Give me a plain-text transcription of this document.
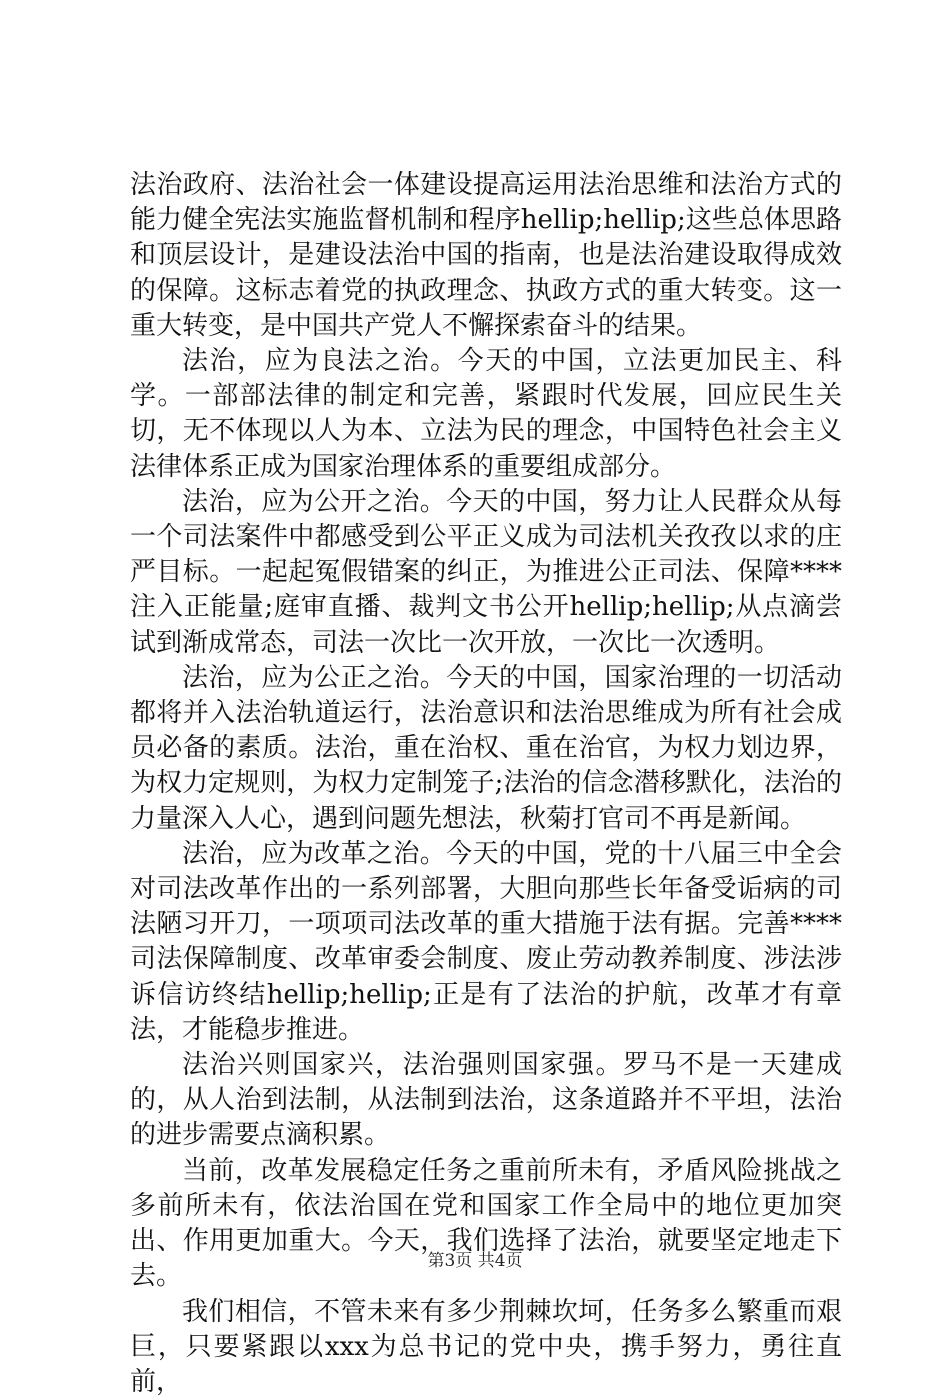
法治政府、法治社会一体建设提高运用法治思维和法治方式的能力健全宪法实施监督机制和程序hellip;hellip;这些总体思路和顶层设计，是建设法治中国的指南，也是法治建设取得成效的保障。这标志着党的执政理念、执政方式的重大转变。这一重大转变，是中国共产党人不懈探索奋斗的结果。

法治，应为良法之治。今天的中国，立法更加民主、科学。一部部法律的制定和完善，紧跟时代发展，回应民生关切，无不体现以人为本、立法为民的理念，中国特色社会主义法律体系正成为国家治理体系的重要组成部分。

法治，应为公开之治。今天的中国，努力让人民群众从每一个司法案件中都感受到公平正义成为司法机关孜孜以求的庄严目标。一起起冤假错案的纠正，为推进公正司法、保障****注入正能量;庭审直播、裁判文书公开hellip;hellip;从点滴尝试到渐成常态，司法一次比一次开放，一次比一次透明。

法治，应为公正之治。今天的中国，国家治理的一切活动都将并入法治轨道运行，法治意识和法治思维成为所有社会成员必备的素质。法治，重在治权、重在治官，为权力划边界，为权力定规则，为权力定制笼子;法治的信念潜移默化，法治的力量深入人心，遇到问题先想法，秋菊打官司不再是新闻。

法治，应为改革之治。今天的中国，党的十八届三中全会对司法改革作出的一系列部署，大胆向那些长年备受诟病的司法陋习开刀，一项项司法改革的重大措施于法有据。完善****司法保障制度、改革审委会制度、废止劳动教养制度、涉法涉诉信访终结hellip;hellip;正是有了法治的护航，改革才有章法，才能稳步推进。

法治兴则国家兴，法治强则国家强。罗马不是一天建成的，从人治到法制，从法制到法治，这条道路并不平坦，法治的进步需要点滴积累。

当前，改革发展稳定任务之重前所未有，矛盾风险挑战之多前所未有，依法治国在党和国家工作全局中的地位更加突出、作用更加重大。今天，我们选择了法治，就要坚定地走下去。

我们相信，不管未来有多少荆棘坎坷，任务多么繁重而艰巨，只要紧跟以xxx为总书记的党中央，携手努力，勇往直前，

第3页 共4页
